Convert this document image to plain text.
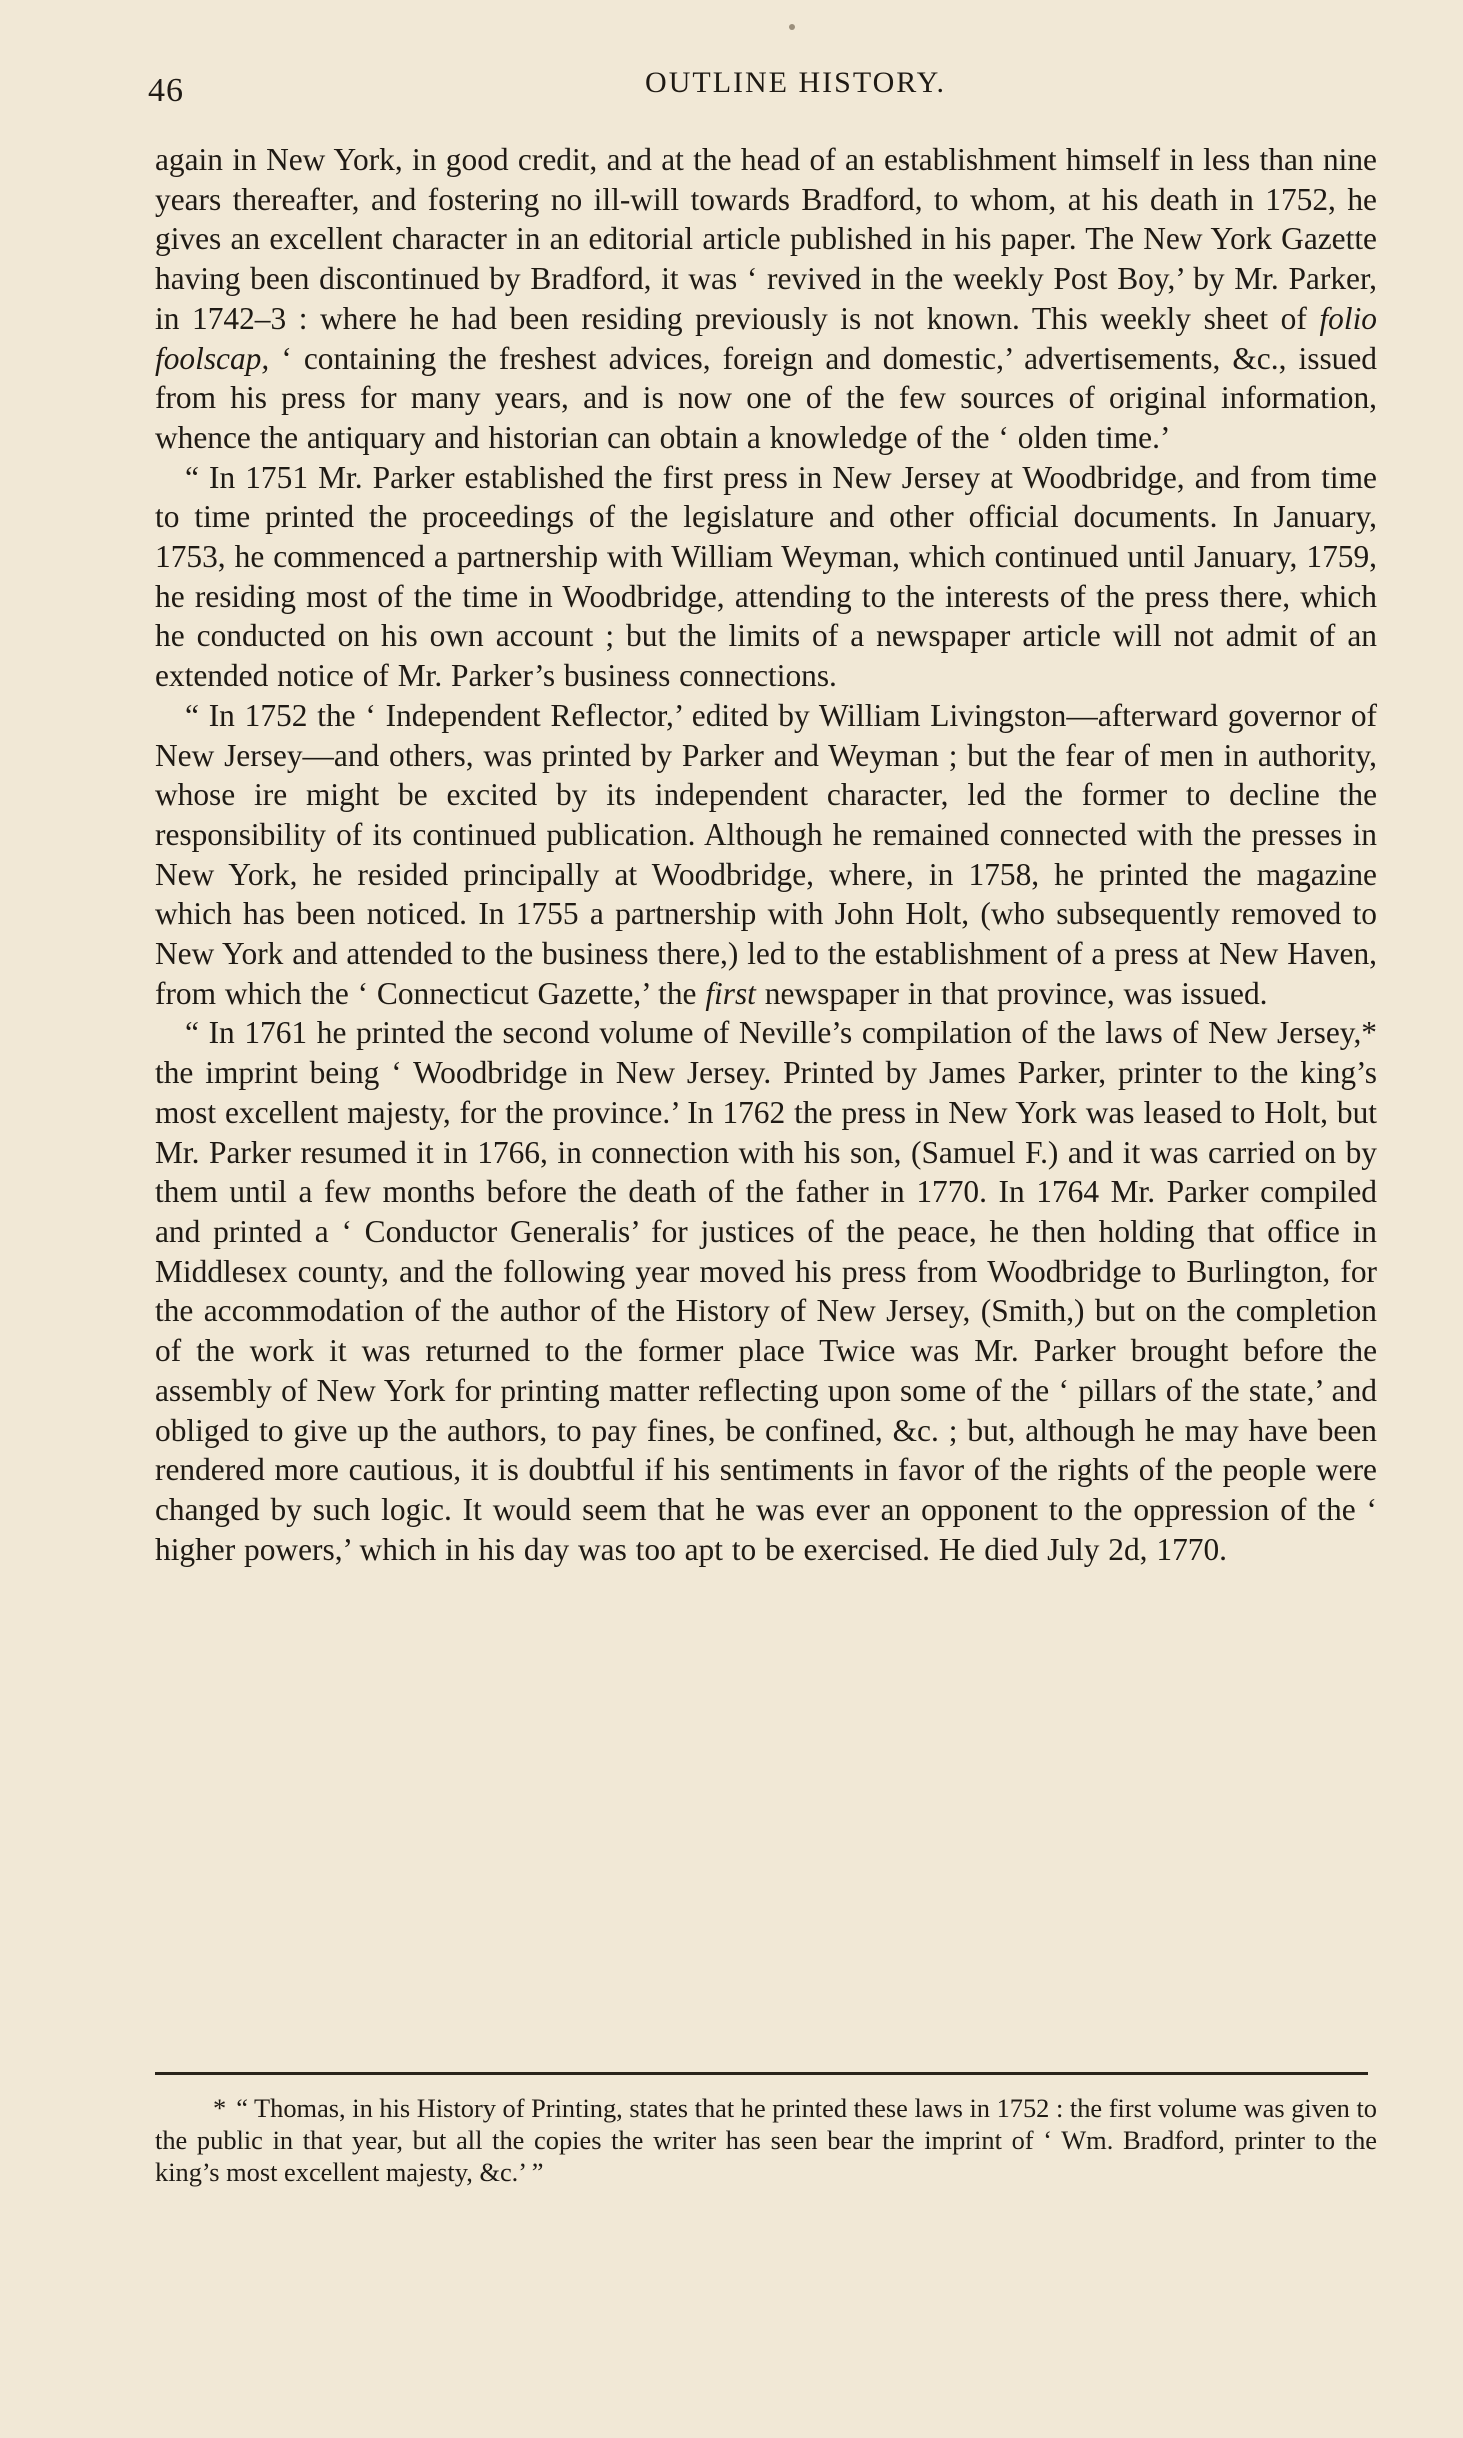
46	OUTLINE HISTORY.

again in New York, in good credit, and at the head of an establishment himself in less than nine years thereafter, and fostering no ill-will towards Bradford, to whom, at his death in 1752, he gives an excellent character in an editorial article published in his paper. The New York Gazette having been discontinued by Bradford, it was ‘ revived in the weekly Post Boy,’ by Mr. Parker, in 1742–3 : where he had been residing previously is not known. This weekly sheet of folio foolscap, ‘ containing the freshest advices, foreign and domestic,’ advertisements, &c., issued from his press for many years, and is now one of the few sources of original information, whence the antiquary and historian can obtain a knowledge of the ‘ olden time.’

“ In 1751 Mr. Parker established the first press in New Jersey at Woodbridge, and from time to time printed the proceedings of the legislature and other official documents. In January, 1753, he commenced a partnership with William Weyman, which continued until January, 1759, he residing most of the time in Woodbridge, attending to the interests of the press there, which he conducted on his own account ; but the limits of a newspaper article will not admit of an extended notice of Mr. Parker’s business connections.

“ In 1752 the ‘ Independent Reflector,’ edited by William Livingston—afterward governor of New Jersey—and others, was printed by Parker and Weyman ; but the fear of men in authority, whose ire might be excited by its independent character, led the former to decline the responsibility of its continued publication. Although he remained connected with the presses in New York, he resided principally at Woodbridge, where, in 1758, he printed the magazine which has been noticed. In 1755 a partnership with John Holt, (who subsequently removed to New York and attended to the business there,) led to the establishment of a press at New Haven, from which the ‘ Connecticut Gazette,’ the first newspaper in that province, was issued.

“ In 1761 he printed the second volume of Neville’s compilation of the laws of New Jersey,* the imprint being ‘ Woodbridge in New Jersey. Printed by James Parker, printer to the king’s most excellent majesty, for the province.’ In 1762 the press in New York was leased to Holt, but Mr. Parker resumed it in 1766, in connection with his son, (Samuel F.) and it was carried on by them until a few months before the death of the father in 1770. In 1764 Mr. Parker compiled and printed a ‘ Conductor Generalis’ for justices of the peace, he then holding that office in Middlesex county, and the following year moved his press from Woodbridge to Burlington, for the accommodation of the author of the History of New Jersey, (Smith,) but on the completion of the work it was returned to the former place Twice was Mr. Parker brought before the assembly of New York for printing matter reflecting upon some of the ‘ pillars of the state,’ and obliged to give up the authors, to pay fines, be confined, &c. ; but, although he may have been rendered more cautious, it is doubtful if his sentiments in favor of the rights of the people were changed by such logic. It would seem that he was ever an opponent to the oppression of the ‘ higher powers,’ which in his day was too apt to be exercised. He died July 2d, 1770.

* “ Thomas, in his History of Printing, states that he printed these laws in 1752 : the first volume was given to the public in that year, but all the copies the writer has seen bear the imprint of ‘ Wm. Bradford, printer to the king’s most excellent majesty, &c.’ ”
